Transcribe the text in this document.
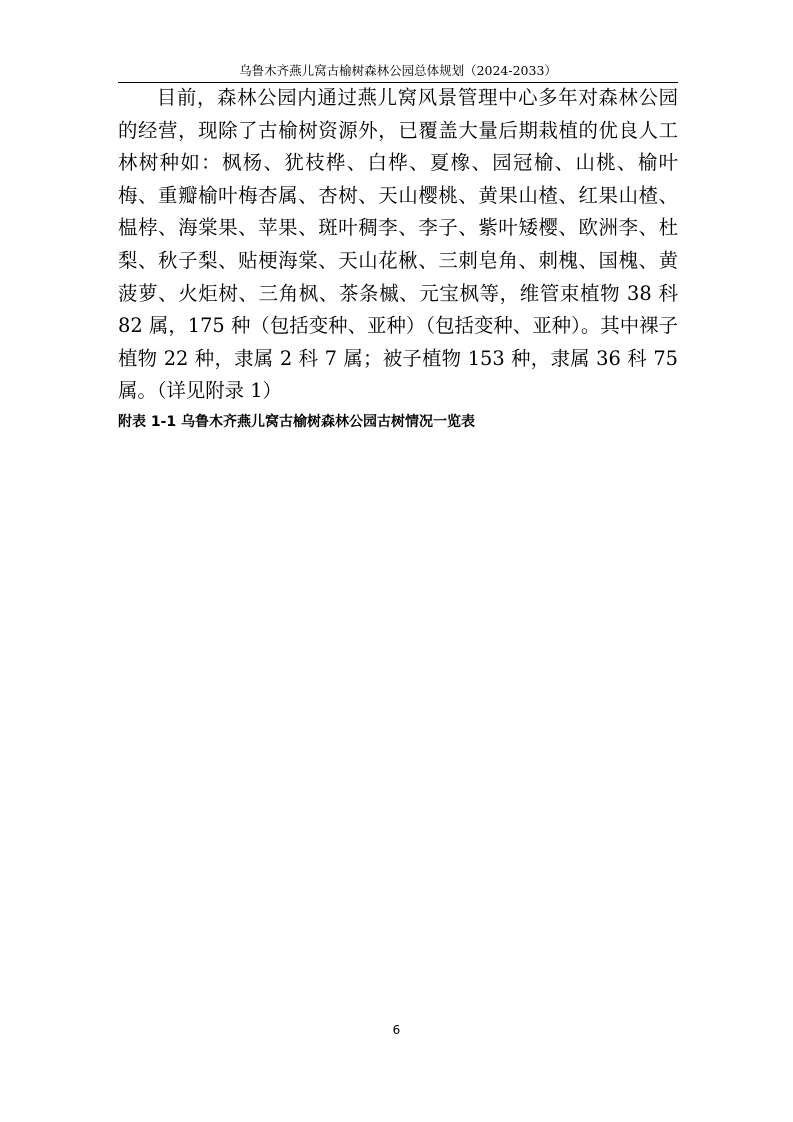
乌鲁木齐燕儿窝古榆树森林公园总体规划（2024-2033）

目前，森林公园内通过燕儿窝风景管理中心多年对森林公园的经营，现除了古榆树资源外，已覆盖大量后期栽植的优良人工林树种如：枫杨、犹枝桦、白桦、夏橡、园冠榆、山桃、榆叶梅、重瓣榆叶梅杏属、杏树、天山樱桃、黄果山楂、红果山楂、榅桲、海棠果、苹果、斑叶稠李、李子、紫叶矮樱、欧洲李、杜梨、秋子梨、贴梗海棠、天山花楸、三刺皂角、刺槐、国槐、黄菠萝、火炬树、三角枫、茶条槭、元宝枫等，维管束植物 38 科 82 属，175 种（包括变种、亚种）（包括变种、亚种）。其中裸子植物 22 种，隶属 2 科 7 属；被子植物 153 种，隶属 36 科 75 属。（详见附录 1）

附表 1-1 乌鲁木齐燕儿窝古榆树森林公园古树情况一览表
6
